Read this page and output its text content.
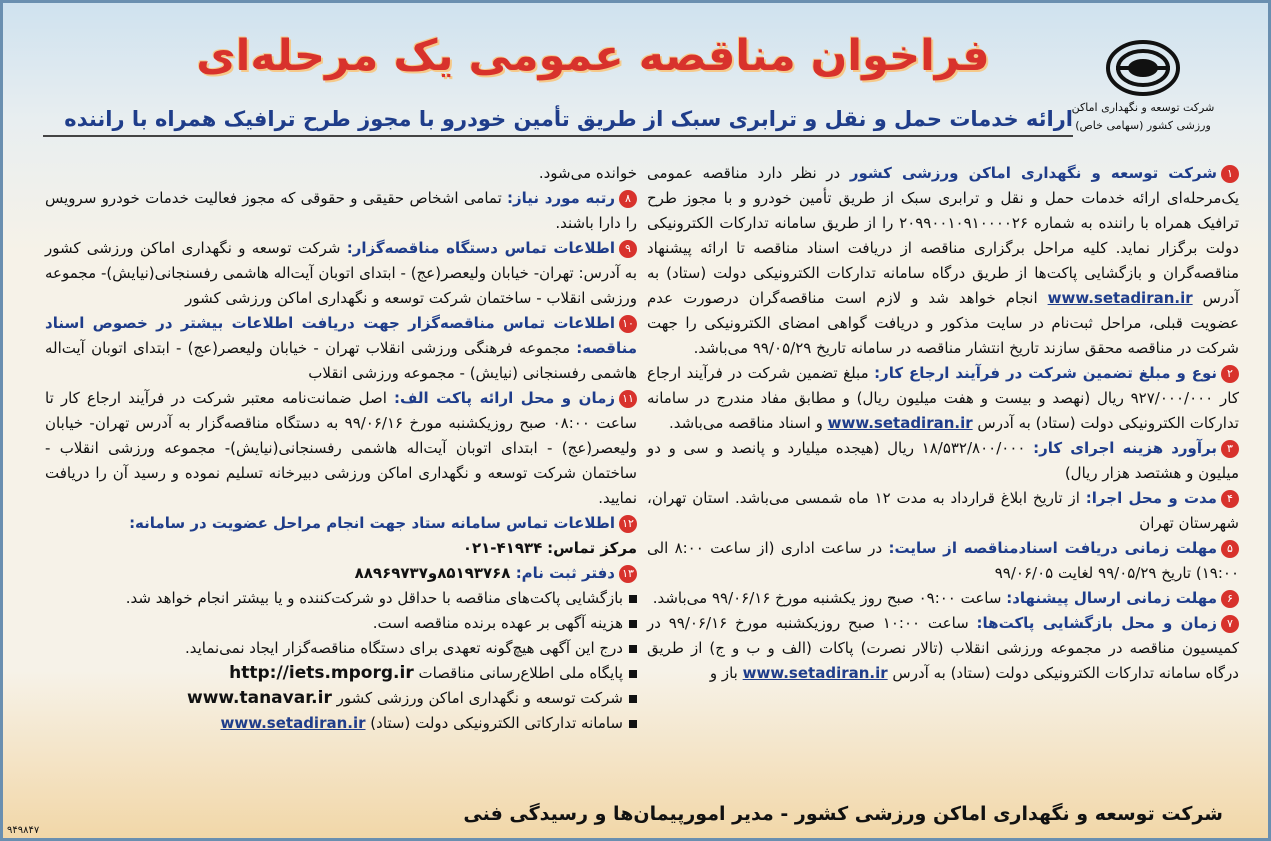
فراخوان مناقصه عمومی یک مرحله‌ای
شرکت توسعه و نگهداری اماکن
ورزشی کشور (سهامی خاص)
ارائه خدمات حمل و نقل و ترابری سبک از طریق تأمین خودرو با مجوز طرح ترافیک همراه با راننده

۱شرکت توسعه و نگهداری اماکن ورزشی کشور در نظر دارد مناقصه عمومی یک‌مرحله‌ای ارائه خدمات حمل و نقل و ترابری سبک از طریق تأمین خودرو و با مجوز طرح ترافیک همراه با راننده به شماره ۲۰۹۹۰۰۱۰۹۱۰۰۰۰۲۶ را از طریق سامانه تدارکات الکترونیکی دولت برگزار نماید. کلیه مراحل برگزاری مناقصه از دریافت اسناد مناقصه تا ارائه پیشنهاد مناقصه‌گران و بازگشایی پاکت‌ها از طریق درگاه سامانه تدارکات الکترونیکی دولت (ستاد) به آدرس www.setadiran.ir انجام خواهد شد و لازم است مناقصه‌گران درصورت عدم عضویت قبلی، مراحل ثبت‌نام در سایت مذکور و دریافت گواهی امضای الکترونیکی را جهت شرکت در مناقصه محقق سازند تاریخ انتشار مناقصه در سامانه تاریخ ۹۹/۰۵/۲۹ می‌باشد.

۲نوع و مبلغ تضمین شرکت در فرآیند ارجاع کار: مبلغ تضمین شرکت در فرآیند ارجاع کار ۹۲۷/۰۰۰/۰۰۰ ریال (نهصد و بیست و هفت میلیون ریال) و مطابق مفاد مندرج در سامانه تدارکات الکترونیکی دولت (ستاد) به آدرس www.setadiran.ir و اسناد مناقصه می‌باشد.

۳برآورد هزینه اجرای کار: ۱۸/۵۳۲/۸۰۰/۰۰۰ ریال (هیجده میلیارد و پانصد و سی و دو میلیون و هشتصد هزار ریال)

۴مدت و محل اجرا: از تاریخ ابلاغ قرارداد به مدت ۱۲ ماه شمسی می‌باشد. استان تهران، شهرستان تهران

۵مهلت زمانی دریافت اسنادمناقصه از سایت: در ساعت اداری (از ساعت ۸:۰۰ الی ۱۹:۰۰) تاریخ ۹۹/۰۵/۲۹ لغایت ۹۹/۰۶/۰۵

۶مهلت زمانی ارسال پیشنهاد: ساعت ۰۹:۰۰ صبح روز یکشنبه مورخ ۹۹/۰۶/۱۶ می‌باشد.

۷زمان و محل بازگشایی پاکت‌ها: ساعت ۱۰:۰۰ صبح روزیکشنبه مورخ ۹۹/۰۶/۱۶ در کمیسیون مناقصه در مجموعه ورزشی انقلاب (تالار نصرت) پاکات (الف و ب و ج) از طریق درگاه سامانه تدارکات الکترونیکی دولت (ستاد) به آدرس www.setadiran.ir باز و

خوانده می‌شود.

۸رتبه مورد نیاز: تمامی اشخاص حقیقی و حقوقی که مجوز فعالیت خدمات خودرو سرویس را دارا باشند.

۹اطلاعات تماس دستگاه مناقصه‌گزار: شرکت توسعه و نگهداری اماکن ورزشی کشور به آدرس: تهران- خیابان ولیعصر(عج) - ابتدای اتوبان آیت‌اله هاشمی رفسنجانی(نیایش)- مجموعه ورزشی انقلاب - ساختمان شرکت توسعه و نگهداری اماکن ورزشی کشور

۱۰اطلاعات تماس مناقصه‌گزار جهت دریافت اطلاعات بیشتر در خصوص اسناد مناقصه: مجموعه فرهنگی ورزشی انقلاب تهران - خیابان ولیعصر(عج) - ابتدای اتوبان آیت‌اله هاشمی رفسنجانی (نیایش) - مجموعه ورزشی انقلاب

۱۱زمان و محل ارائه پاکت الف: اصل ضمانت‌نامه معتبر شرکت در فرآیند ارجاع کار تا ساعت ۰۸:۰۰ صبح روزیکشنبه مورخ ۹۹/۰۶/۱۶ به دستگاه مناقصه‌گزار به آدرس تهران- خیابان ولیعصر(عج) - ابتدای اتوبان آیت‌اله هاشمی رفسنجانی(نیایش)- مجموعه ورزشی انقلاب - ساختمان شرکت توسعه و نگهداری اماکن ورزشی دبیرخانه تسلیم نموده و رسید آن را دریافت نمایید.

۱۲اطلاعات تماس سامانه ستاد جهت انجام مراحل عضویت در سامانه:

مرکز تماس: ۰۲۱-۴۱۹۳۴

۱۳دفتر ثبت نام: ۸۵۱۹۳۷۶۸و۸۸۹۶۹۷۳۷

بازگشایی پاکت‌های مناقصه با حداقل دو شرکت‌کننده و یا بیشتر انجام خواهد شد.

هزینه آگهی بر عهده برنده مناقصه است.

درج این آگهی هیچ‌گونه تعهدی برای دستگاه مناقصه‌گزار ایجاد نمی‌نماید.

پایگاه ملی اطلاع‌رسانی مناقصات http://iets.mporg.ir

شرکت توسعه و نگهداری اماکن ورزشی کشور www.tanavar.ir

سامانه تدارکاتی الکترونیکی دولت (ستاد) www.setadiran.ir

شرکت توسعه و نگهداری اماکن ورزشی کشور - مدیر امورپیمان‌ها و رسیدگی فنی
۹۴۹۸۴۷
